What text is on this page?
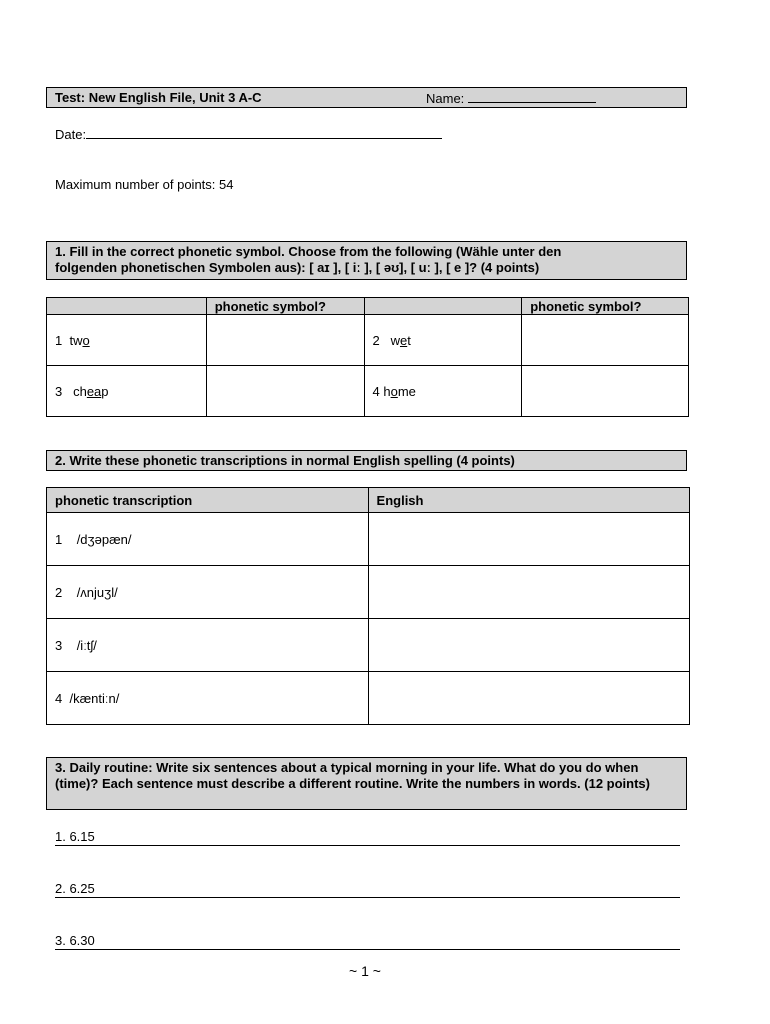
Test: New English File, Unit 3 A-C	Name:
Date:
Maximum number of points: 54
1. Fill in the correct phonetic symbol. Choose from the following (Wähle unter den
folgenden phonetischen Symbolen aus): [ aɪ ], [ iː ], [ əʊ], [ uː ], [ e ]? (4 points)
	phonetic symbol?		phonetic symbol?
1 two		2 wet	
3 cheap		4 home	
2. Write these phonetic transcriptions in normal English spelling (4 points)
phonetic transcription	English
1 /dʒəpæn/	
2 /ʌnjuʒl/	
3 /iːtʃ/	
4 /kæntiːn/	
3. Daily routine: Write six sentences about a typical morning in your life. What do you do when (time)? Each sentence must describe a different routine. Write the numbers in words. (12 points)
1. 6.15
2. 6.25
3. 6.30
~ 1 ~
